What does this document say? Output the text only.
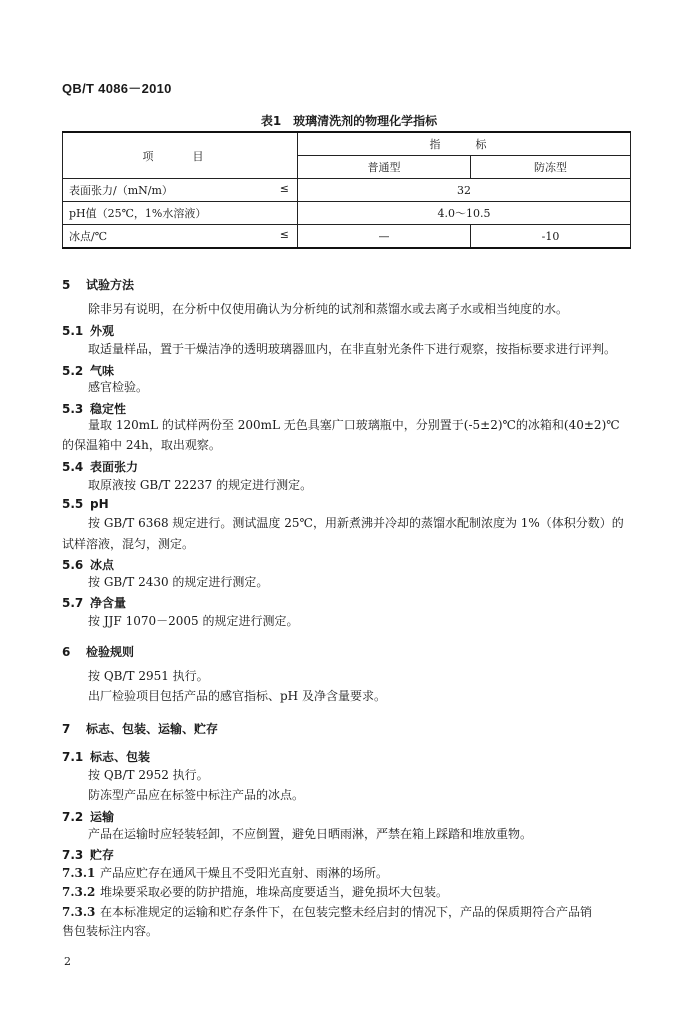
QB/T 4086－2010
表1　玻璃清洗剂的物理化学指标
项　目	指　标	
	普通型	防冻型
表面张力/（mN/m） ≤	32	
pH值（25℃，1%水溶液）	4.0～10.5	
冰点/℃ ≤	—	-10
5 试验方法
除非另有说明，在分析中仅使用确认为分析纯的试剂和蒸馏水或去离子水或相当纯度的水。
5.1 外观
取适量样品，置于干燥洁净的透明玻璃器皿内，在非直射光条件下进行观察，按指标要求进行评判。
5.2 气味
感官检验。
5.3 稳定性
量取 120mL 的试样两份至 200mL 无色具塞广口玻璃瓶中，分别置于(-5±2)℃的冰箱和(40±2)℃
的保温箱中 24h，取出观察。
5.4 表面张力
取原液按 GB/T 22237 的规定进行测定。
5.5 pH
按 GB/T 6368 规定进行。测试温度 25℃，用新煮沸并冷却的蒸馏水配制浓度为 1%（体积分数）的
试样溶液，混匀，测定。
5.6 冰点
按 GB/T 2430 的规定进行测定。
5.7 净含量
按 JJF 1070－2005 的规定进行测定。
6 检验规则
按 QB/T 2951 执行。
出厂检验项目包括产品的感官指标、pH 及净含量要求。
7 标志、包装、运输、贮存
7.1 标志、包装
按 QB/T 2952 执行。
防冻型产品应在标签中标注产品的冰点。
7.2 运输
产品在运输时应轻装轻卸，不应倒置，避免日晒雨淋，严禁在箱上踩踏和堆放重物。
7.3 贮存
7.3.1 产品应贮存在通风干燥且不受阳光直射、雨淋的场所。
7.3.2 堆垛要采取必要的防护措施，堆垛高度要适当，避免损坏大包装。
7.3.3 在本标准规定的运输和贮存条件下，在包装完整未经启封的情况下，产品的保质期符合产品销
售包装标注内容。
2
